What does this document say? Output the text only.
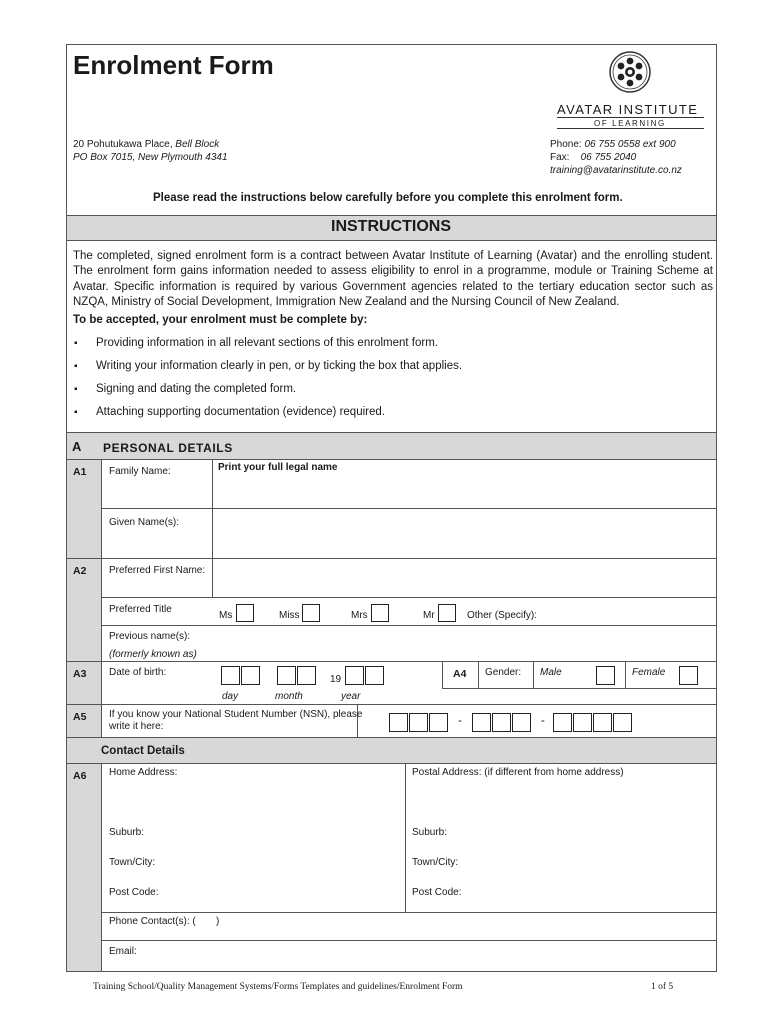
Enrolment Form
AVATAR INSTITUTE
OF LEARNING
20 Pohutukawa Place, Bell Block
PO Box 7015, New Plymouth 4341
Phone: 06 755 0558 ext 900
Fax: 06 755 2040
training@avatarinstitute.co.nz
Please read the instructions below carefully before you complete this enrolment form.
INSTRUCTIONS
The completed, signed enrolment form is a contract between Avatar Institute of Learning (Avatar) and the enrolling student.
The enrolment form gains information needed to assess eligibility to enrol in a programme, module or Training Scheme at
Avatar. Specific information is required by various Government agencies related to the tertiary education sector such as
NZQA, Ministry of Social Development, Immigration New Zealand and the Nursing Council of New Zealand.
To be accepted, your enrolment must be complete by:
▪ Providing information in all relevant sections of this enrolment form.
▪ Writing your information clearly in pen, or by ticking the box that applies.
▪ Signing and dating the completed form.
▪ Attaching supporting documentation (evidence) required.
A PERSONAL DETAILS
A1 Family Name:	Print your full legal name
Given Name(s):
A2 Preferred First Name:
Preferred Title
Ms	Miss	Mrs	Mr	Other (Specify):
Previous name(s):
(formerly known as)
A3 Date of birth:
19
day	month	year
A4 Gender: Male	Female
A5 If you know your National Student Number (NSN), please
write it here:	-	-
Contact Details
A6 Home Address:	Postal Address: (if different from home address)
Suburb:	Suburb:
Town/City:	Town/City:
Post Code:	Post Code:
Phone Contact(s): ( )
Email:
Training School/Quality Management Systems/Forms Templates and guidelines/Enrolment Form	1 of 5
